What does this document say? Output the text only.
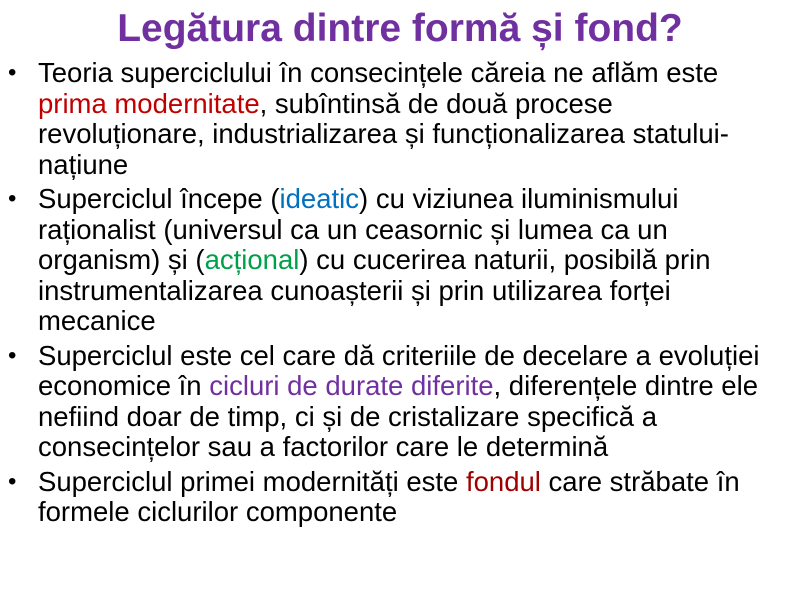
Legătura dintre formă și fond?
• Teoria superciclului în consecințele căreia ne aflăm este prima modernitate, subîntinsă de două procese revoluționare, industrializarea și funcționalizarea statului-națiune
• Superciclul începe (ideatic) cu viziunea iluminismului raționalist (universul ca un ceasornic și lumea ca un organism) și (acțional) cu cucerirea naturii, posibilă prin instrumentalizarea cunoașterii și prin utilizarea forței mecanice
• Superciclul este cel care dă criteriile de decelare a evoluției economice în cicluri de durate diferite, diferențele dintre ele nefiind doar de timp, ci și de cristalizare specifică a consecințelor sau a factorilor care le determină
• Superciclul primei modernități este fondul care străbate în formele ciclurilor componente
